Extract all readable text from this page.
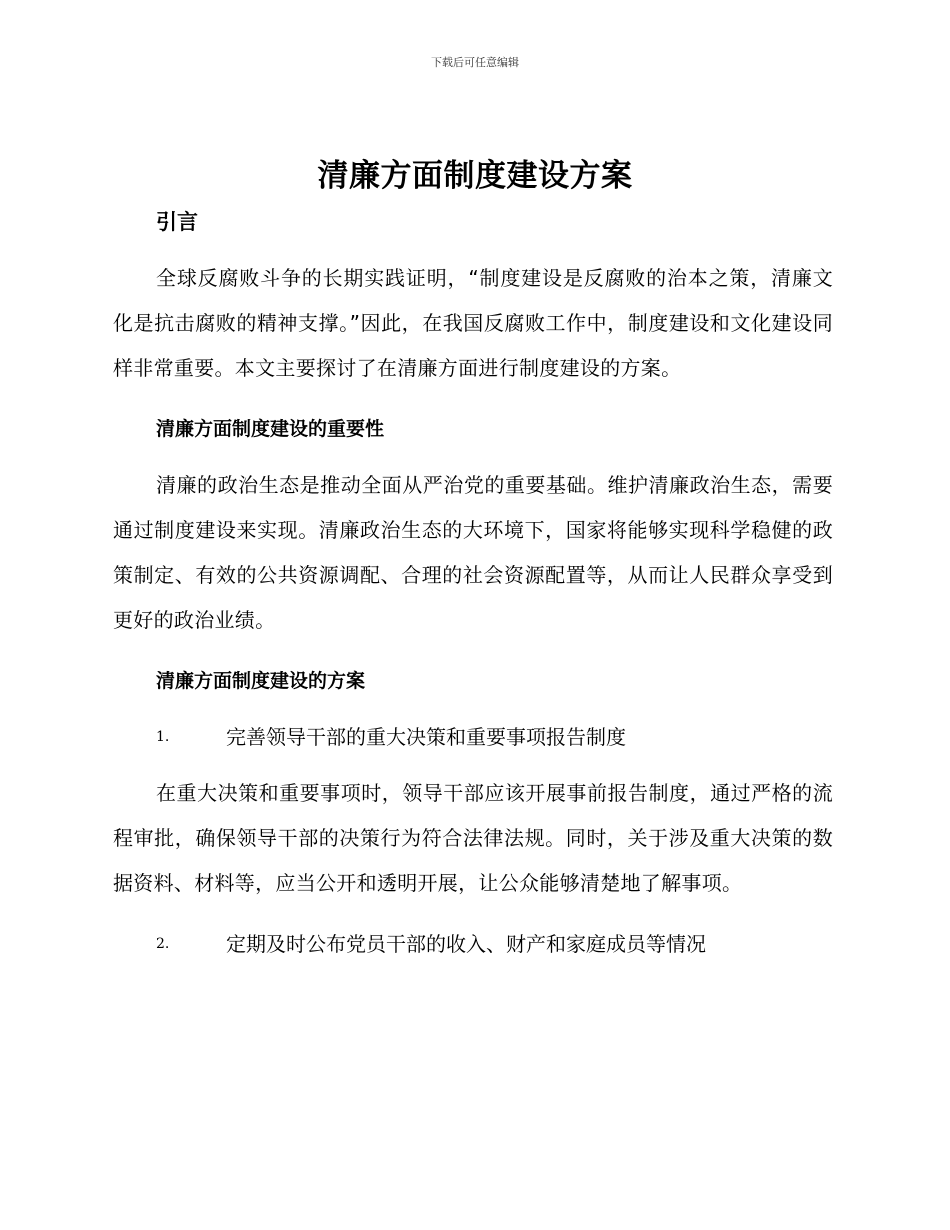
下载后可任意编辑
清廉方面制度建设方案
引言

全球反腐败斗争的长期实践证明，“制度建设是反腐败的治本之策，清廉文化是抗击腐败的精神支撑。”因此，在我国反腐败工作中，制度建设和文化建设同样非常重要。本文主要探讨了在清廉方面进行制度建设的方案。

清廉方面制度建设的重要性

清廉的政治生态是推动全面从严治党的重要基础。维护清廉政治生态，需要通过制度建设来实现。清廉政治生态的大环境下，国家将能够实现科学稳健的政策制定、有效的公共资源调配、合理的社会资源配置等，从而让人民群众享受到更好的政治业绩。

清廉方面制度建设的方案
1.	完善领导干部的重大决策和重要事项报告制度

在重大决策和重要事项时，领导干部应该开展事前报告制度，通过严格的流程审批，确保领导干部的决策行为符合法律法规。同时，关于涉及重大决策的数据资料、材料等，应当公开和透明开展，让公众能够清楚地了解事项。

2.	定期及时公布党员干部的收入、财产和家庭成员等情况
